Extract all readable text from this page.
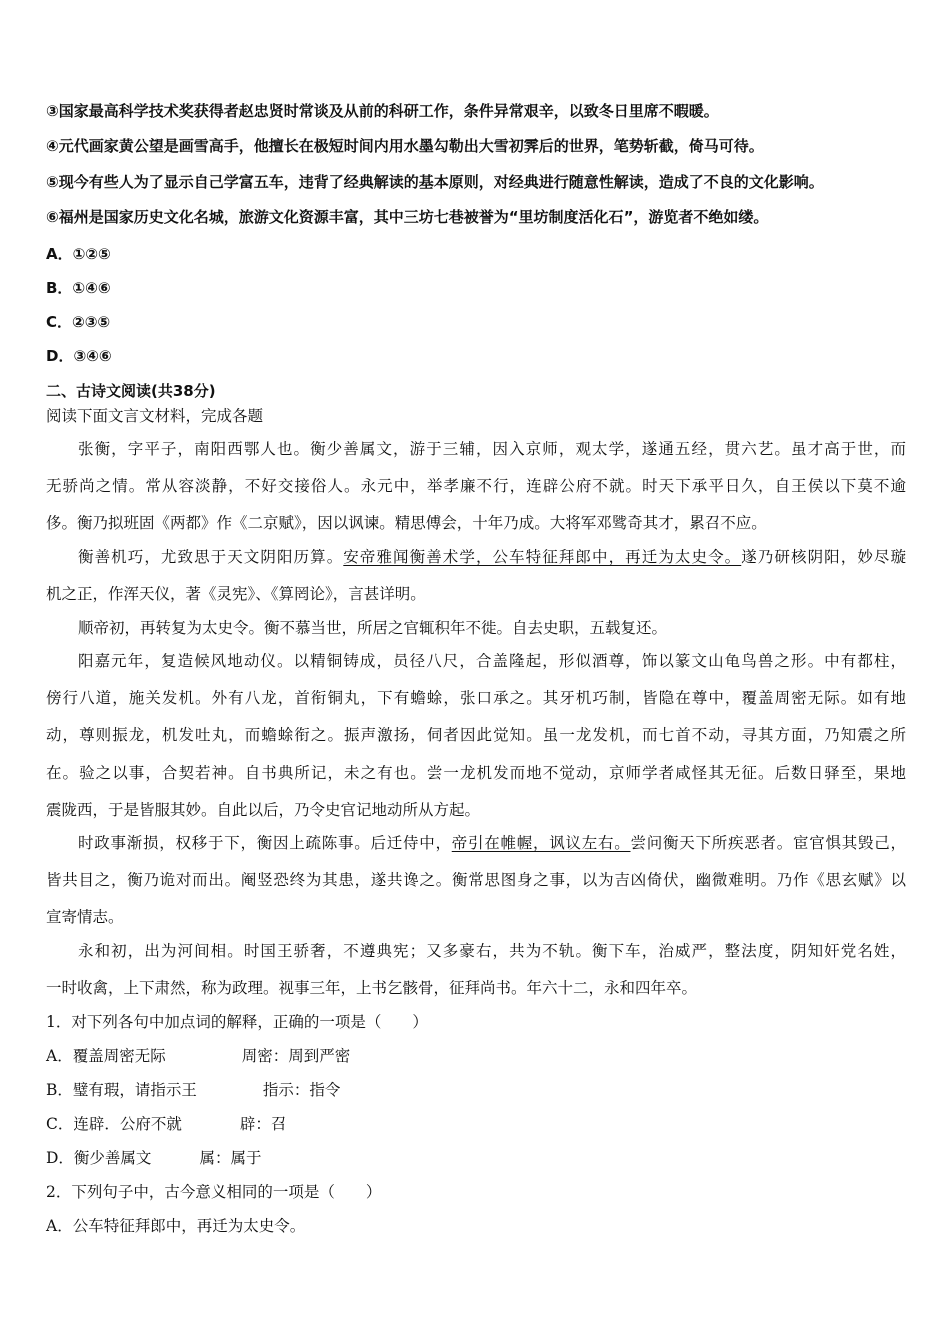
③国家最高科学技术奖获得者赵忠贤时常谈及从前的科研工作，条件异常艰辛，以致冬日里席不暇暖。
④元代画家黄公望是画雪高手，他擅长在极短时间内用水墨勾勒出大雪初霁后的世界，笔势斩截，倚马可待。
⑤现今有些人为了显示自己学富五车，违背了经典解读的基本原则，对经典进行随意性解读，造成了不良的文化影响。
⑥福州是国家历史文化名城，旅游文化资源丰富，其中三坊七巷被誉为“里坊制度活化石”，游览者不绝如缕。
A．①②⑤
B．①④⑥
C．②③⑤
D．③④⑥
二、古诗文阅读(共38分)
阅读下面文言文材料，完成各题
张衡，字平子，南阳西鄂人也。衡少善属文，游于三辅，因入京师，观太学，遂通五经，贯六艺。虽才高于世，而
无骄尚之情。常从容淡静，不好交接俗人。永元中，举孝廉不行，连辟公府不就。时天下承平日久，自王侯以下莫不逾
侈。衡乃拟班固《两都》作《二京赋》，因以讽谏。精思傅会，十年乃成。大将军邓骘奇其才，累召不应。
衡善机巧，尤致思于天文阴阳历算。安帝雅闻衡善术学，公车特征拜郎中，再迁为太史令。遂乃研核阴阳，妙尽璇
机之正，作浑天仪，著《灵宪》、《算罔论》，言甚详明。
顺帝初，再转复为太史令。衡不慕当世，所居之官辄积年不徙。自去史职，五载复还。
阳嘉元年，复造候风地动仪。以精铜铸成，员径八尺，合盖隆起，形似酒尊，饰以篆文山龟鸟兽之形。中有都柱，
傍行八道，施关发机。外有八龙，首衔铜丸，下有蟾蜍，张口承之。其牙机巧制，皆隐在尊中，覆盖周密无际。如有地
动，尊则振龙，机发吐丸，而蟾蜍衔之。振声激扬，伺者因此觉知。虽一龙发机，而七首不动，寻其方面，乃知震之所
在。验之以事，合契若神。自书典所记，未之有也。尝一龙机发而地不觉动，京师学者咸怪其无征。后数日驿至，果地
震陇西，于是皆服其妙。自此以后，乃令史官记地动所从方起。
时政事渐损，权移于下，衡因上疏陈事。后迁侍中，帝引在帷幄，讽议左右。尝问衡天下所疾恶者。宦官惧其毁己，
皆共目之，衡乃诡对而出。阉竖恐终为其患，遂共谗之。衡常思图身之事，以为吉凶倚伏，幽微难明。乃作《思玄赋》以
宣寄情志。
永和初，出为河间相。时国王骄奢，不遵典宪；又多豪右，共为不轨。衡下车，治威严，整法度，阴知奸党名姓，
一时收禽，上下肃然，称为政理。视事三年，上书乞骸骨，征拜尚书。年六十二，永和四年卒。
1．对下列各句中加点词的解释，正确的一项是（　　）
A．覆盖周密无际	周密：周到严密
B．璧有瑕，请指示王	指示：指令
C．连辟．公府不就	辟：召
D．衡少善属文	属：属于
2．下列句子中，古今意义相同的一项是（　　）
A．公车特征拜郎中，再迁为太史令。
